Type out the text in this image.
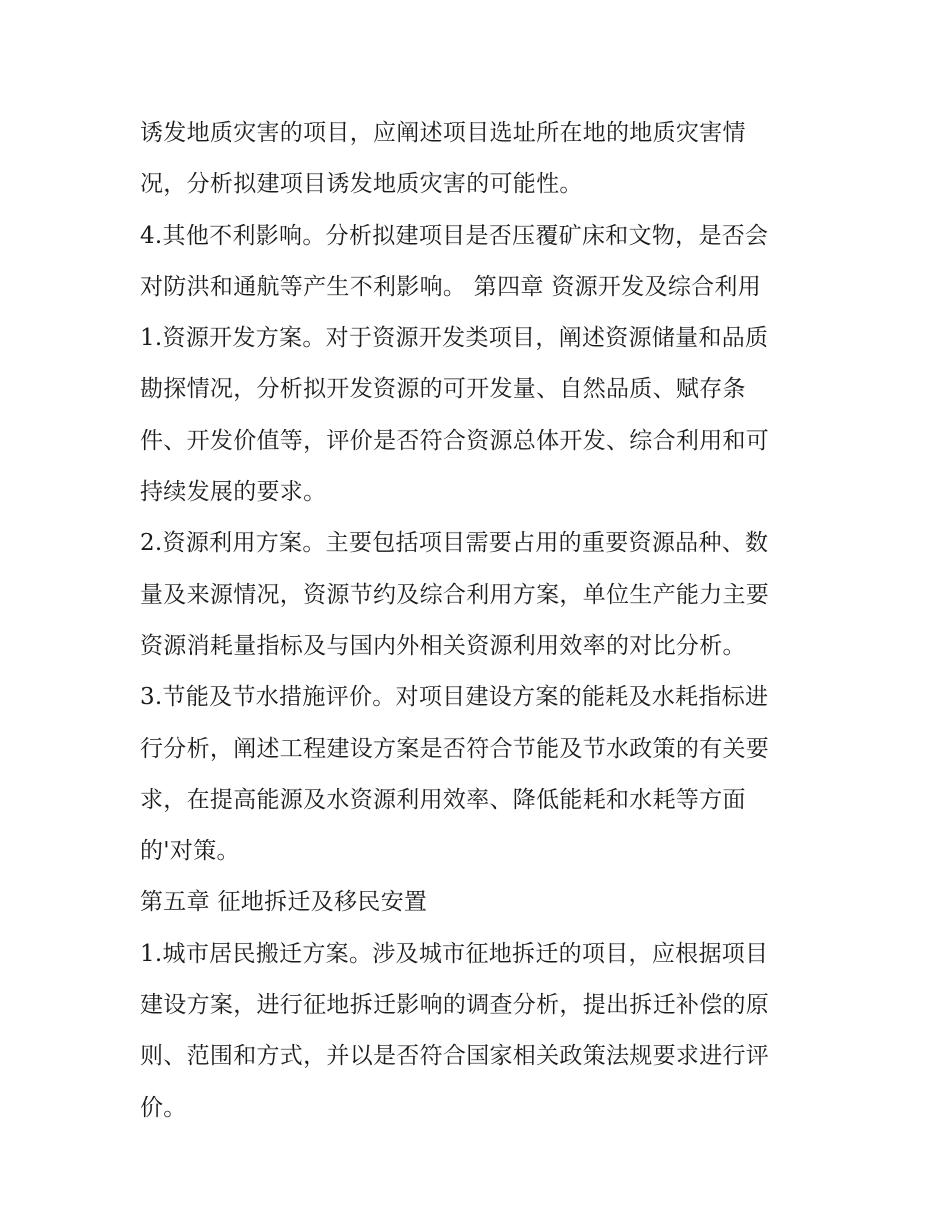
诱发地质灾害的项目，应阐述项目选址所在地的地质灾害情
况，分析拟建项目诱发地质灾害的可能性。
4.其他不利影响。分析拟建项目是否压覆矿床和文物，是否会
对防洪和通航等产生不利影响。 第四章 资源开发及综合利用
1.资源开发方案。对于资源开发类项目，阐述资源储量和品质
勘探情况，分析拟开发资源的可开发量、自然品质、赋存条
件、开发价值等，评价是否符合资源总体开发、综合利用和可
持续发展的要求。
2.资源利用方案。主要包括项目需要占用的重要资源品种、数
量及来源情况，资源节约及综合利用方案，单位生产能力主要
资源消耗量指标及与国内外相关资源利用效率的对比分析。
3.节能及节水措施评价。对项目建设方案的能耗及水耗指标进
行分析，阐述工程建设方案是否符合节能及节水政策的有关要
求，在提高能源及水资源利用效率、降低能耗和水耗等方面
的'对策。
第五章 征地拆迁及移民安置
1.城市居民搬迁方案。涉及城市征地拆迁的项目，应根据项目
建设方案，进行征地拆迁影响的调查分析，提出拆迁补偿的原
则、范围和方式，并以是否符合国家相关政策法规要求进行评
价。
